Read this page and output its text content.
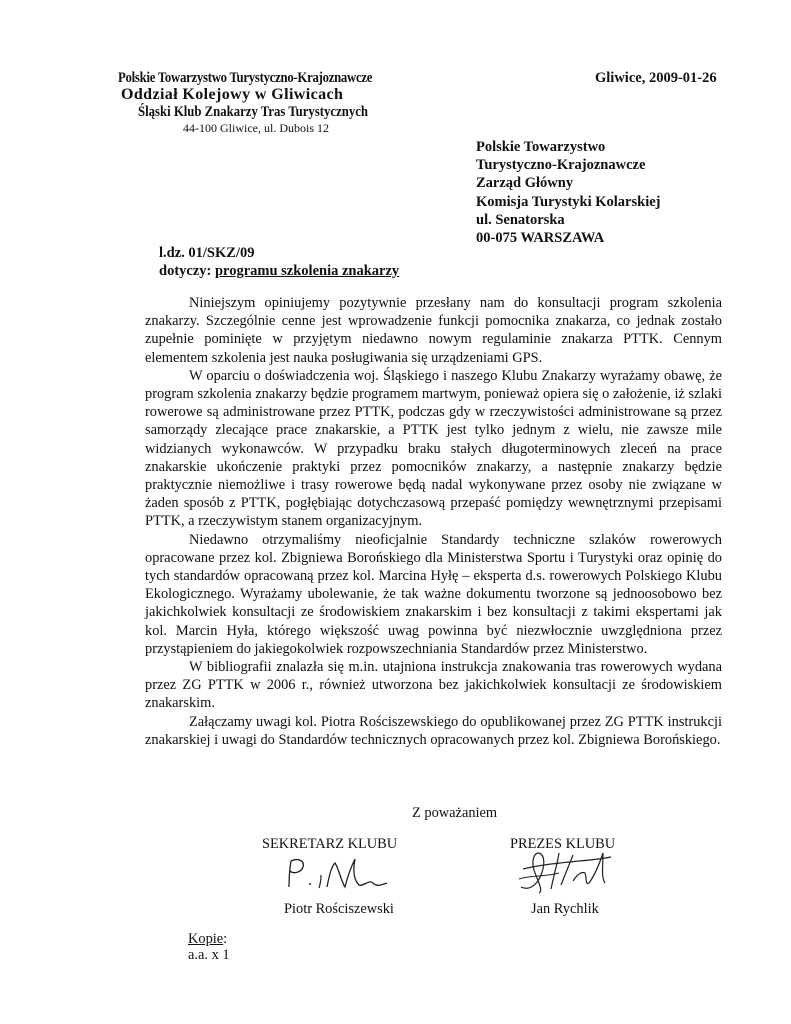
Polskie Towarzystwo Turystyczno-Krajoznawcze
Oddział Kolejowy w Gliwicach
Śląski Klub Znakarzy Tras Turystycznych
44-100 Gliwice, ul. Dubois 12
Gliwice, 2009-01-26
Polskie Towarzystwo
Turystyczno-Krajoznawcze
Zarząd Główny
Komisja Turystyki Kolarskiej
ul. Senatorska
00-075 WARSZAWA
l.dz. 01/SKZ/09
dotyczy: programu szkolenia znakarzy

Niniejszym opiniujemy pozytywnie przesłany nam do konsultacji program szkolenia znakarzy. Szczególnie cenne jest wprowadzenie funkcji pomocnika znakarza, co jednak zostało zupełnie pominięte w przyjętym niedawno nowym regulaminie znakarza PTTK. Cennym elementem szkolenia jest nauka posługiwania się urządzeniami GPS.

W oparciu o doświadczenia woj. Śląskiego i naszego Klubu Znakarzy wyrażamy obawę, że program szkolenia znakarzy będzie programem martwym, ponieważ opiera się o założenie, iż szlaki rowerowe są administrowane przez PTTK, podczas gdy w rzeczywistości administrowane są przez samorządy zlecające prace znakarskie, a PTTK jest tylko jednym z wielu, nie zawsze mile widzianych wykonawców. W przypadku braku stałych długoterminowych zleceń na prace znakarskie ukończenie praktyki przez pomocników znakarzy, a następnie znakarzy będzie praktycznie niemożliwe i trasy rowerowe będą nadal wykonywane przez osoby nie związane w żaden sposób z PTTK, pogłębiając dotychczasową przepaść pomiędzy wewnętrznymi przepisami PTTK, a rzeczywistym stanem organizacyjnym.

Niedawno otrzymaliśmy nieoficjalnie Standardy techniczne szlaków rowerowych opracowane przez kol. Zbigniewa Borońskiego dla Ministerstwa Sportu i Turystyki oraz opinię do tych standardów opracowaną przez kol. Marcina Hyłę – eksperta d.s. rowerowych Polskiego Klubu Ekologicznego. Wyrażamy ubolewanie, że tak ważne dokumentu tworzone są jednoosobowo bez jakichkolwiek konsultacji ze środowiskiem znakarskim i bez konsultacji z takimi ekspertami jak kol. Marcin Hyła, którego większość uwag powinna być niezwłocznie uwzględniona przez przystąpieniem do jakiegokolwiek rozpowszechniania Standardów przez Ministerstwo.

W bibliografii znalazła się m.in. utajniona instrukcja znakowania tras rowerowych wydana przez ZG PTTK w 2006 r., również utworzona bez jakichkolwiek konsultacji ze środowiskiem znakarskim.

Załączamy uwagi kol. Piotra Rościszewskiego do opublikowanej przez ZG PTTK instrukcji znakarskiej i uwagi do Standardów technicznych opracowanych przez kol. Zbigniewa Borońskiego.

Z poważaniem
SEKRETARZ KLUBU	PREZES KLUBU
Piotr Rościszewski	Jan Rychlik
Kopie:
a.a. x 1
